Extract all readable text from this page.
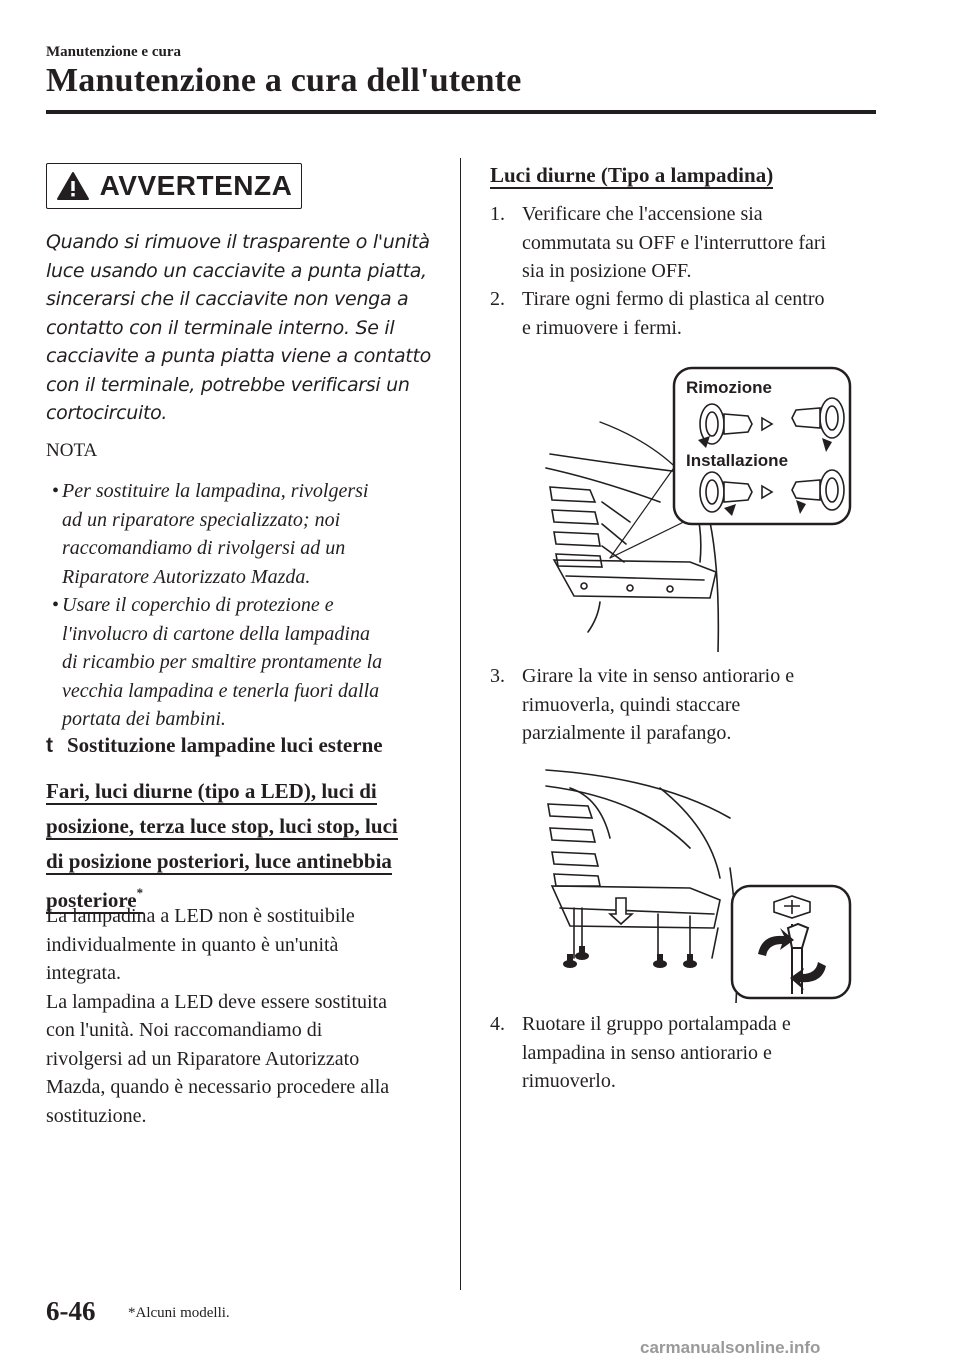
Manutenzione e cura
Manutenzione a cura dell'utente
AVVERTENZA
Quando si rimuove il trasparente o l'unità
luce usando un cacciavite a punta piatta,
sincerarsi che il cacciavite non venga a
contatto con il terminale interno. Se il
cacciavite a punta piatta viene a contatto
con il terminale, potrebbe verificarsi un
cortocircuito.
NOTA
• Per sostituire la lampadina, rivolgersi
ad un riparatore specializzato; noi
raccomandiamo di rivolgersi ad un
Riparatore Autorizzato Mazda.
• Usare il coperchio di protezione e
l'involucro di cartone della lampadina
di ricambio per smaltire prontamente la
vecchia lampadina e tenerla fuori dalla
portata dei bambini.
t Sostituzione lampadine luci esterne
Fari, luci diurne (tipo a LED), luci di
posizione, terza luce stop, luci stop, luci
di posizione posteriori, luce antinebbia
posteriore*
La lampadina a LED non è sostituibile
individualmente in quanto è un'unità
integrata.
La lampadina a LED deve essere sostituita
con l'unità. Noi raccomandiamo di
rivolgersi ad un Riparatore Autorizzato
Mazda, quando è necessario procedere alla
sostituzione.
Luci diurne (Tipo a lampadina)
1. Verificare che l'accensione sia
commutata su OFF e l'interruttore fari
sia in posizione OFF.
2. Tirare ogni fermo di plastica al centro
e rimuovere i fermi.
Rimozione
Installazione
3. Girare la vite in senso antiorario e
rimuoverla, quindi staccare
parzialmente il parafango.
4. Ruotare il gruppo portalampada e
lampadina in senso antiorario e
rimuoverlo.
6-46 *Alcuni modelli.
carmanualsonline.info
